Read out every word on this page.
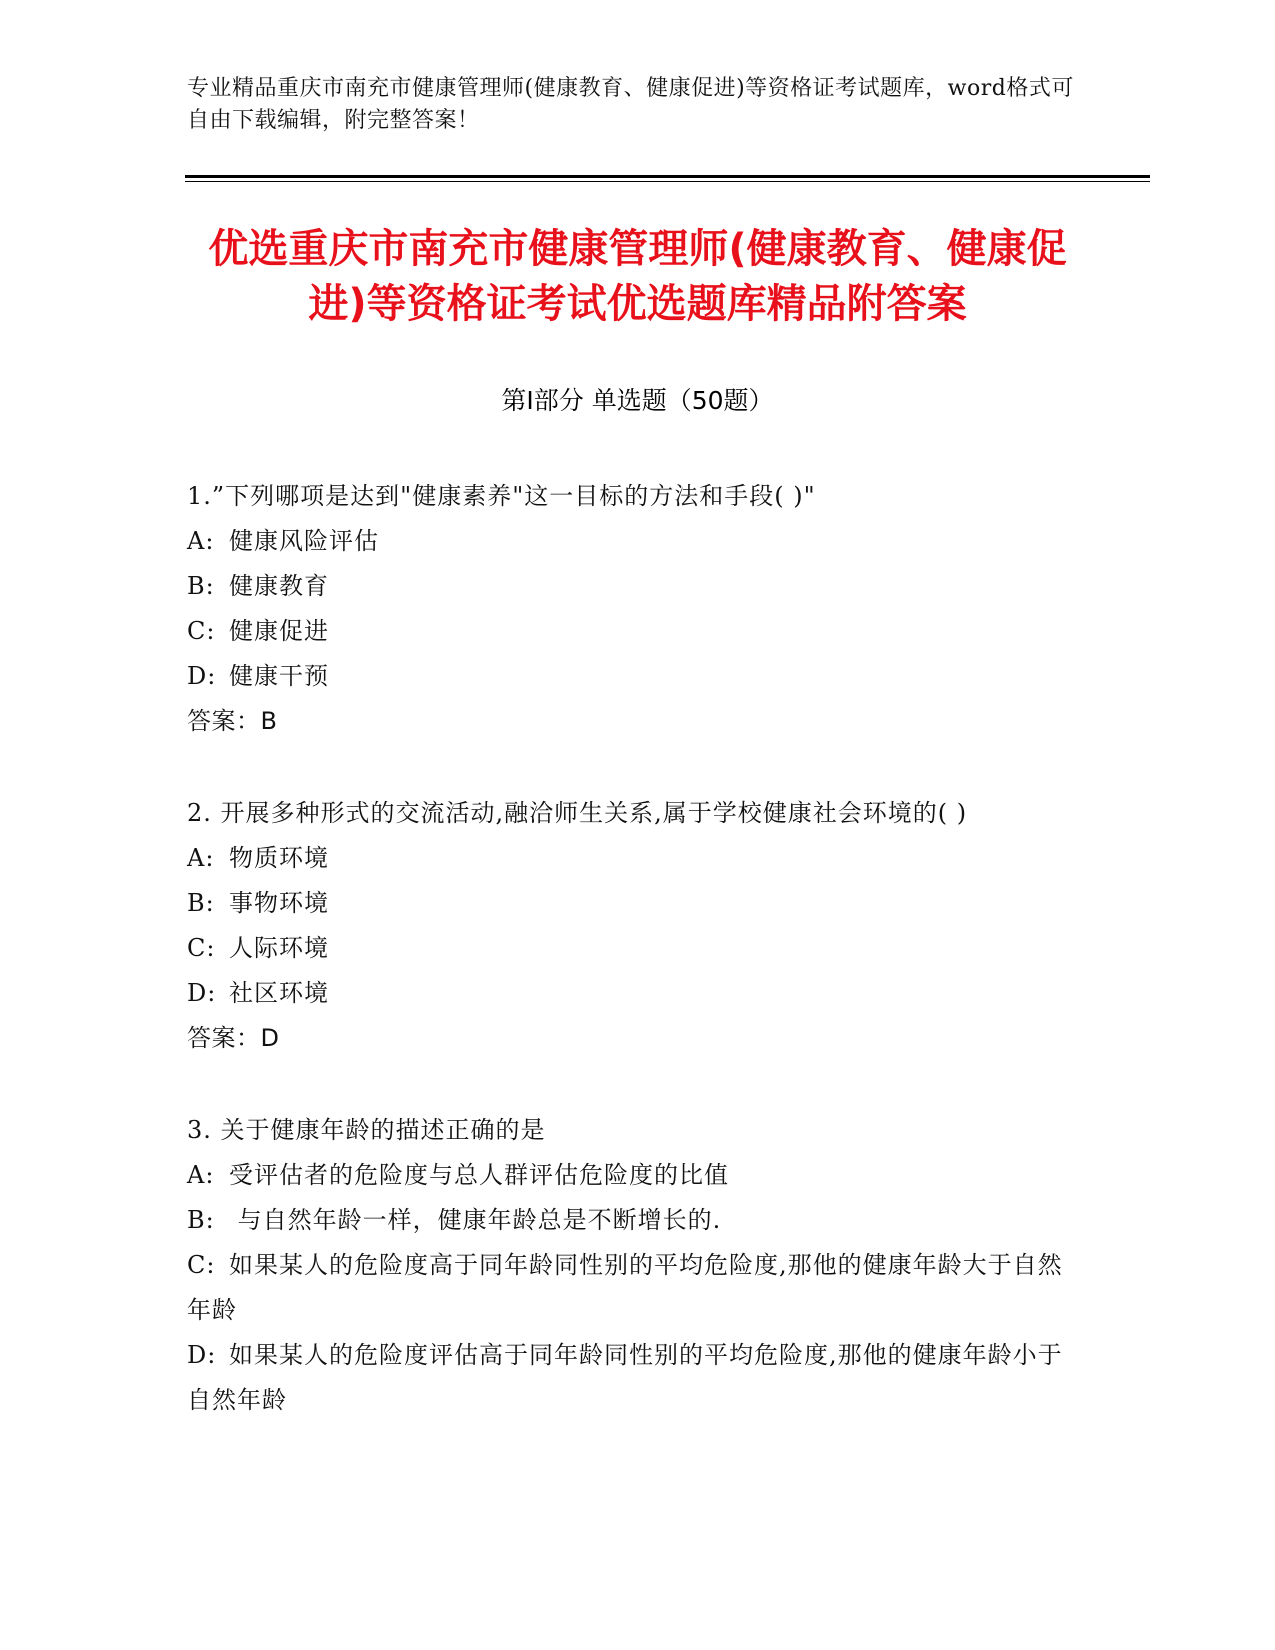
专业精品重庆市南充市健康管理师(健康教育、健康促进)等资格证考试题库，word格式可自由下载编辑，附完整答案！
优选重庆市南充市健康管理师(健康教育、健康促进)等资格证考试优选题库精品附答案
第Ⅰ部分 单选题（50题）

1.”下列哪项是达到"健康素养"这一目标的方法和手段( )"

A: 健康风险评估

B: 健康教育

C: 健康促进

D: 健康干预

答案：B

2. 开展多种形式的交流活动,融洽师生关系,属于学校健康社会环境的( )

A: 物质环境

B: 事物环境

C: 人际环境

D: 社区环境

答案：D

3. 关于健康年龄的描述正确的是

A: 受评估者的危险度与总人群评估危险度的比值

B: 与自然年龄一样，健康年龄总是不断增长的.

C: 如果某人的危险度高于同年龄同性别的平均危险度,那他的健康年龄大于自然年龄

D: 如果某人的危险度评估高于同年龄同性别的平均危险度,那他的健康年龄小于自然年龄
